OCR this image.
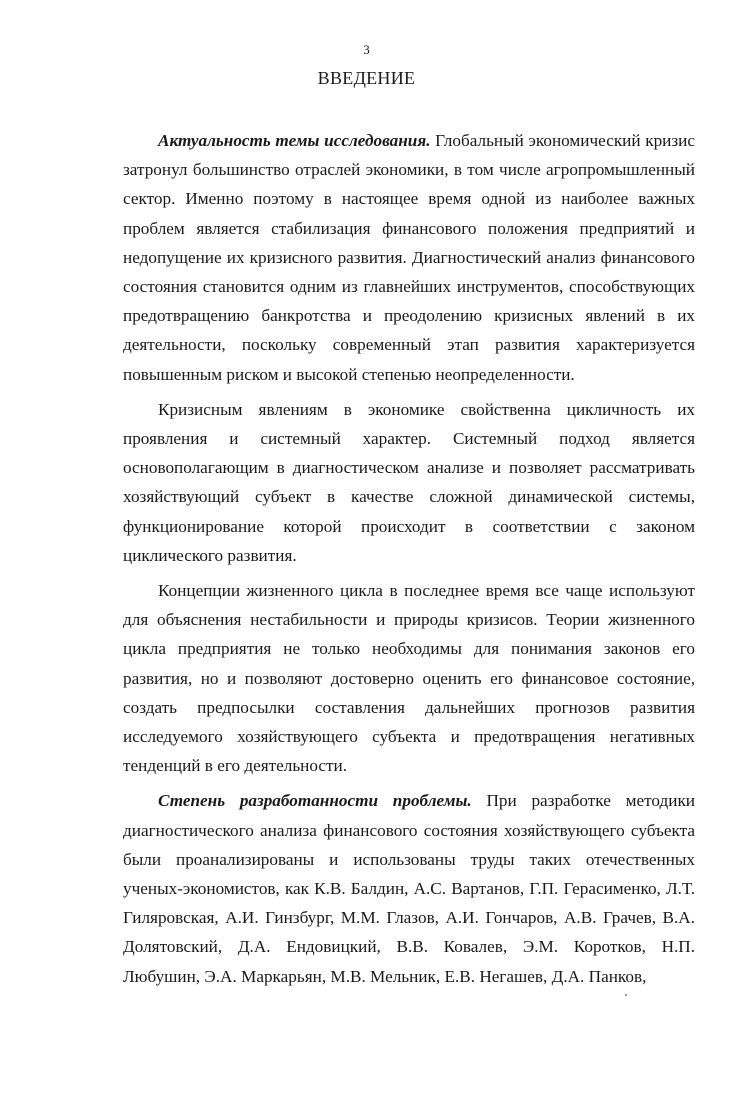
3
ВВЕДЕНИЕ

Актуальность темы исследования. Глобальный экономический кризис затронул большинство отраслей экономики, в том числе агропромышленный сектор. Именно поэтому в настоящее время одной из наиболее важных проблем является стабилизация финансового положения предприятий и недопущение их кризисного развития. Диагностический анализ финансового состояния становится одним из главнейших инструментов, способствующих предотвращению банкротства и преодолению кризисных явлений в их деятельности, поскольку современный этап развития характеризуется повышенным риском и высокой степенью неопределенности.

Кризисным явлениям в экономике свойственна цикличность их проявления и системный характер. Системный подход является основополагающим в диагностическом анализе и позволяет рассматривать хозяйствующий субъект в качестве сложной динамической системы, функционирование которой происходит в соответствии с законом циклического развития.

Концепции жизненного цикла в последнее время все чаще используют для объяснения нестабильности и природы кризисов. Теории жизненного цикла предприятия не только необходимы для понимания законов его развития, но и позволяют достоверно оценить его финансовое состояние, создать предпосылки составления дальнейших прогнозов развития исследуемого хозяйствующего субъекта и предотвращения негативных тенденций в его деятельности.

Степень разработанности проблемы. При разработке методики диагностического анализа финансового состояния хозяйствующего субъекта были проанализированы и использованы труды таких отечественных ученых-экономистов, как К.В. Балдин, А.С. Вартанов, Г.П. Герасименко, Л.Т. Гиляровская, А.И. Гинзбург, М.М. Глазов, А.И. Гончаров, А.В. Грачев, В.А. Долятовский, Д.А. Ендовицкий, В.В. Ковалев, Э.М. Коротков, Н.П. Любушин, Э.А. Маркарьян, М.В. Мельник, Е.В. Негашев, Д.А. Панков,
